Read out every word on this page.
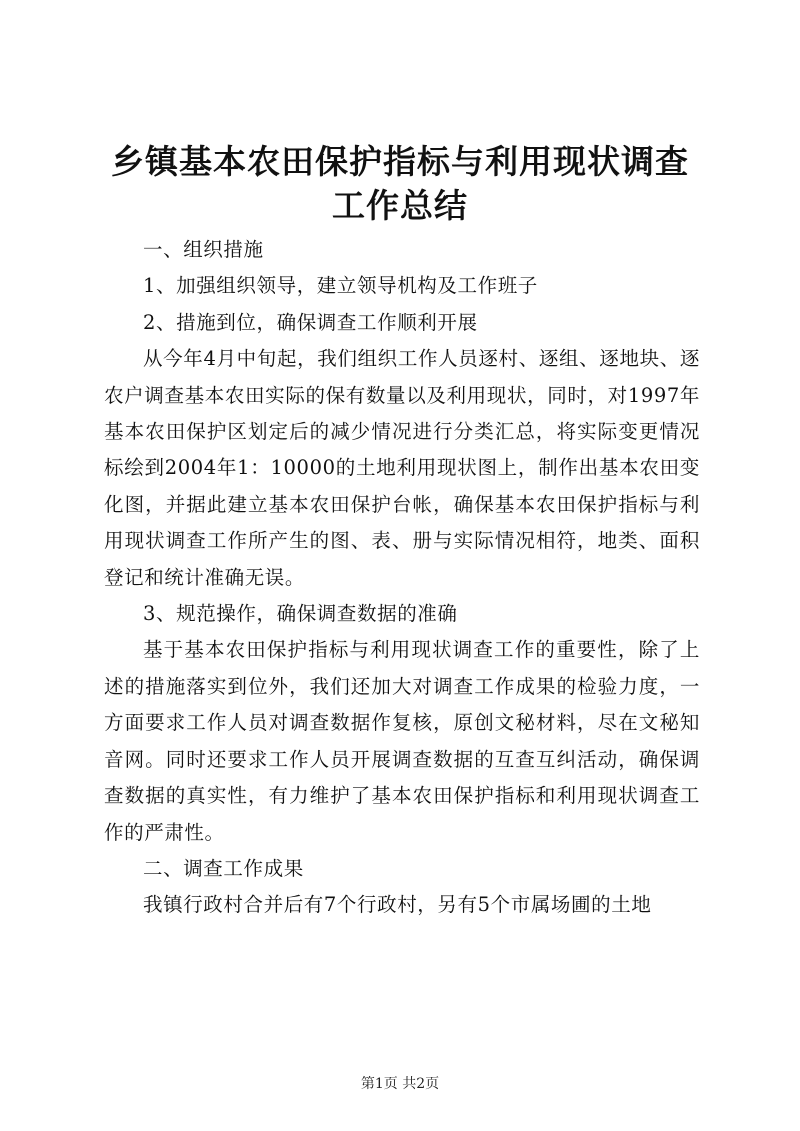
乡镇基本农田保护指标与利用现状调查工作总结

一、组织措施

1、加强组织领导，建立领导机构及工作班子

2、措施到位，确保调查工作顺利开展

从今年4月中旬起，我们组织工作人员逐村、逐组、逐地块、逐农户调查基本农田实际的保有数量以及利用现状，同时，对1997年基本农田保护区划定后的减少情况进行分类汇总，将实际变更情况标绘到2004年1：10000的土地利用现状图上，制作出基本农田变化图，并据此建立基本农田保护台帐，确保基本农田保护指标与利用现状调查工作所产生的图、表、册与实际情况相符，地类、面积登记和统计准确无误。

3、规范操作，确保调查数据的准确

基于基本农田保护指标与利用现状调查工作的重要性，除了上述的措施落实到位外，我们还加大对调查工作成果的检验力度，一方面要求工作人员对调查数据作复核，原创文秘材料，尽在文秘知音网。同时还要求工作人员开展调查数据的互查互纠活动，确保调查数据的真实性，有力维护了基本农田保护指标和利用现状调查工作的严肃性。

二、调查工作成果

我镇行政村合并后有7个行政村，另有5个市属场圃的土地

第1页 共2页
